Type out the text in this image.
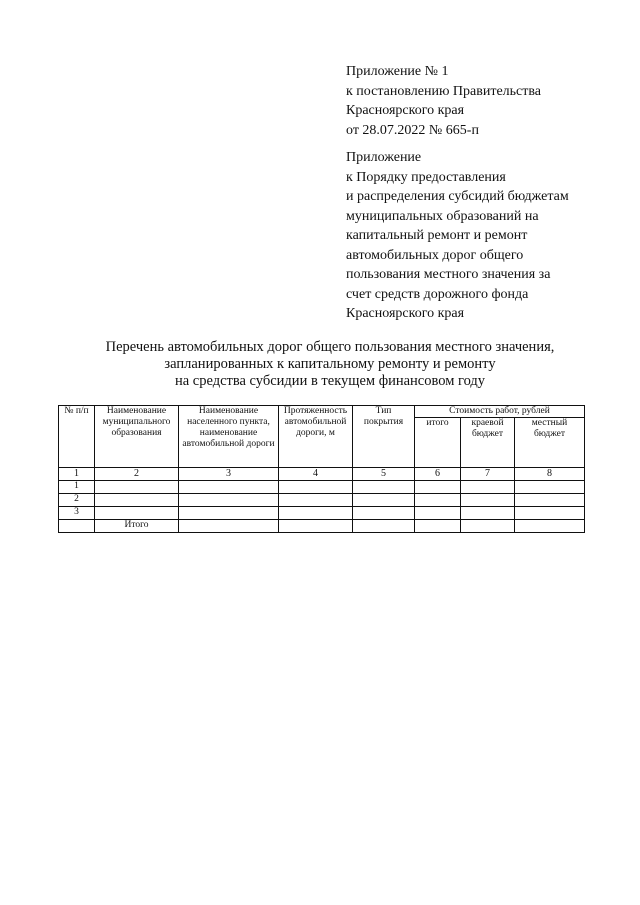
Приложение № 1
к постановлению Правительства
Красноярского края
от 28.07.2022 № 665-п
Приложение
к Порядку предоставления
и распределения субсидий бюджетам
муниципальных образований на
капитальный ремонт и ремонт
автомобильных дорог общего
пользования местного значения за
счет средств дорожного фонда
Красноярского края
Перечень автомобильных дорог общего пользования местного значения,
запланированных к капитальному ремонту и ремонту
на средства субсидии в текущем финансовом году
№ п/п	Наименование муниципального образования	Наименование населенного пункта, наименование автомобильной дороги	Протяженность автомобильной дороги, м	Тип покрытия	Стоимость работ, рублей		
					итого	краевой бюджет	местный бюджет
1	2	3	4	5	6	7	8
1							
2							
3							
	Итого						
